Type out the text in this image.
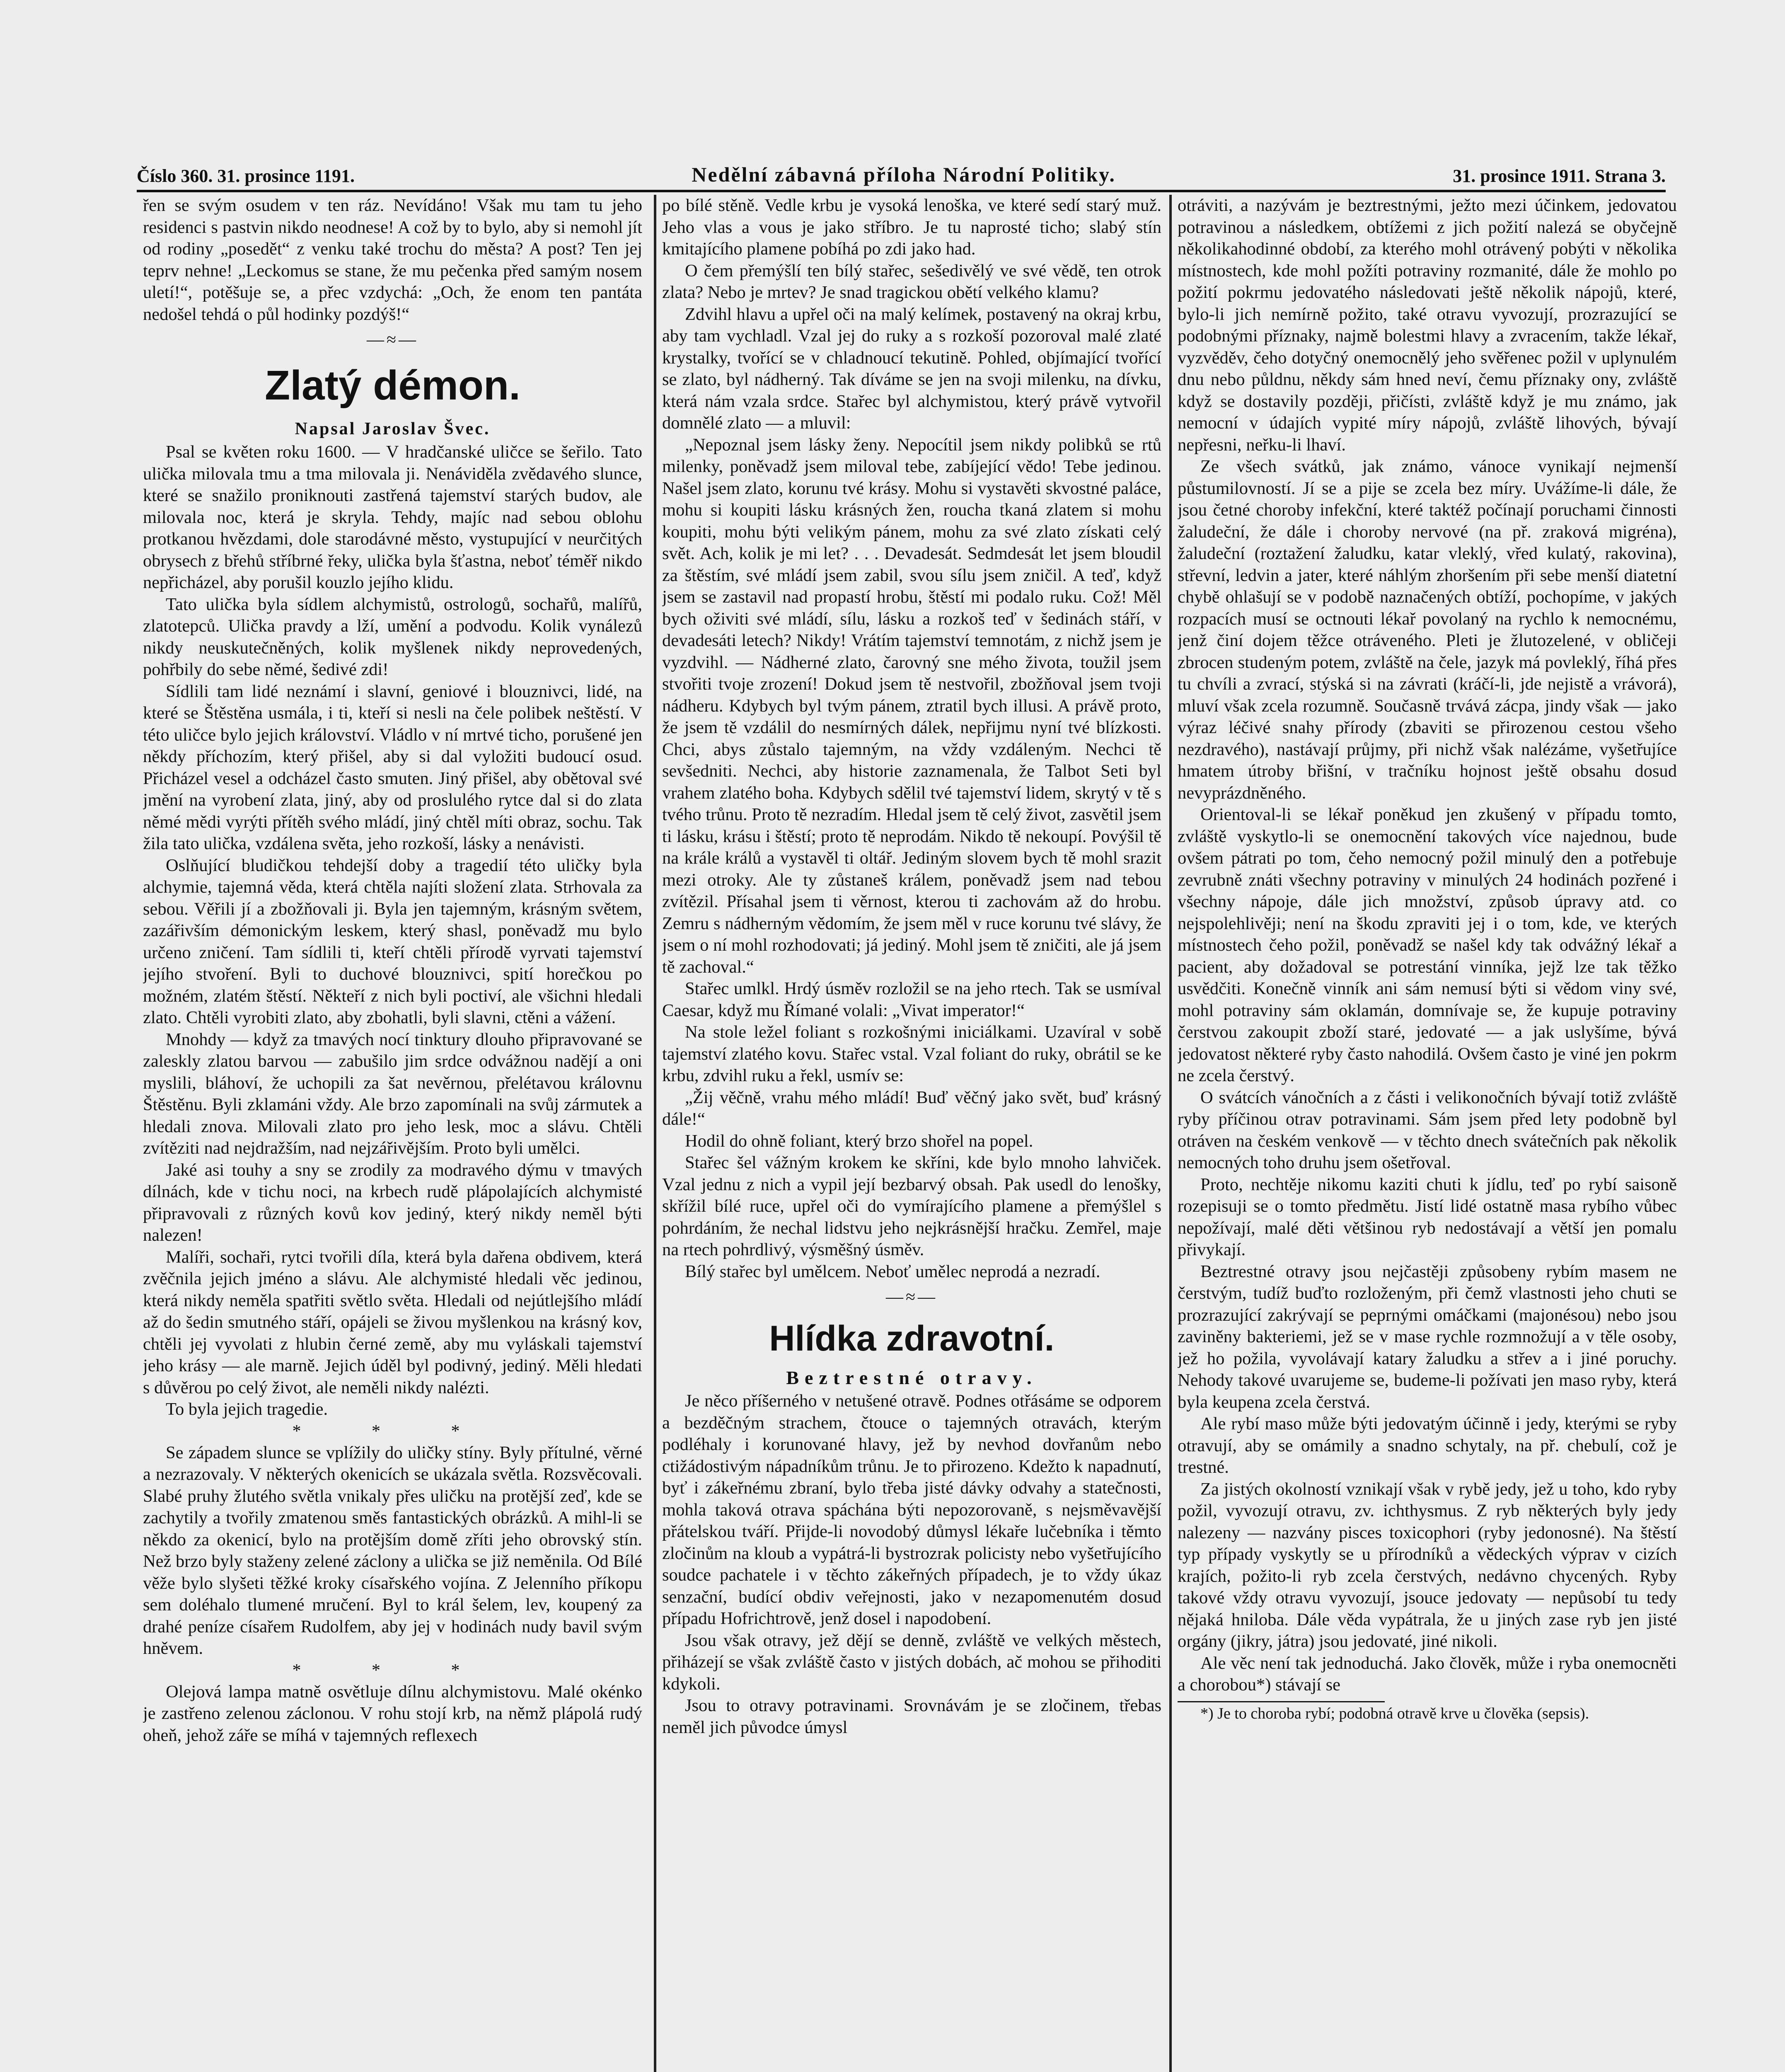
Číslo 360. 31. prosince 1191.	Nedělní zábavná příloha Národní Politiky.	31. prosince 1911. Strana 3.

řen se svým osudem v ten ráz. Nevídáno! Však mu tam tu jeho residenci s pastvin nikdo neodnese! A což by to bylo, aby si nemohl jít od rodiny „posedět“ z venku také trochu do města? A post? Ten jej teprv nehne! „Leckomus se stane, že mu pečenka před samým nosem uletí!“, potěšuje se, a přec vzdychá: „Och, že enom ten pantáta nedošel tehdá o půl hodinky pozdýš!“

—≈—
Zlatý démon.
Napsal Jaroslav Švec.

Psal se květen roku 1600. — V hradčanské uličce se šeřilo. Tato ulička milovala tmu a tma milovala ji. Nenáviděla zvědavého slunce, které se snažilo proniknouti zastřená tajemství starých budov, ale milovala noc, která je skryla. Tehdy, majíc nad sebou oblohu protkanou hvězdami, dole starodávné město, vystupující v neurčitých obrysech z břehů stříbrné řeky, ulička byla šťastna, neboť téměř nikdo nepřicházel, aby porušil kouzlo jejího klidu.

Tato ulička byla sídlem alchymistů, ostrologů, sochařů, malířů, zlatotepců. Ulička pravdy a lží, umění a podvodu. Kolik vynálezů nikdy neuskutečněných, kolik myšlenek nikdy neprovedených, pohřbily do sebe němé, šedivé zdi!

Sídlili tam lidé neznámí i slavní, geniové i blouznivci, lidé, na které se Štěstěna usmála, i ti, kteří si nesli na čele polibek neštěstí. V této uličce bylo jejich království. Vládlo v ní mrtvé ticho, porušené jen někdy příchozím, který přišel, aby si dal vyložiti budoucí osud. Přicházel vesel a odcházel často smuten. Jiný přišel, aby obětoval své jmění na vyrobení zlata, jiný, aby od proslulého rytce dal si do zlata němé mědi vyrýti přítěh svého mládí, jiný chtěl míti obraz, sochu. Tak žila tato ulička, vzdálena světa, jeho rozkoší, lásky a nenávisti.

Oslňující bludičkou tehdejší doby a tragedií této uličky byla alchymie, tajemná věda, která chtěla najíti složení zlata. Strhovala za sebou. Věřili jí a zbožňovali ji. Byla jen tajemným, krásným světem, zazářivším démonickým leskem, který shasl, poněvadž mu bylo určeno zničení. Tam sídlili ti, kteří chtěli přírodě vyrvati tajemství jejího stvoření. Byli to duchové blouznivci, spití horečkou po možném, zlatém štěstí. Někteří z nich byli poctiví, ale všichni hledali zlato. Chtěli vyrobiti zlato, aby zbohatli, byli slavni, ctěni a vážení.

Mnohdy — když za tmavých nocí tinktury dlouho připravované se zaleskly zlatou barvou — zabušilo jim srdce odvážnou nadějí a oni myslili, bláhoví, že uchopili za šat nevěrnou, přelétavou královnu Štěstěnu. Byli zklamáni vždy. Ale brzo zapomínali na svůj zármutek a hledali znova. Milovali zlato pro jeho lesk, moc a slávu. Chtěli zvítěziti nad nejdražším, nad nejzářivějším. Proto byli umělci.

Jaké asi touhy a sny se zrodily za modravého dýmu v tmavých dílnách, kde v tichu noci, na krbech rudě plápolajících alchymisté připravovali z různých kovů kov jediný, který nikdy neměl býti nalezen!

Malíři, sochaři, rytci tvořili díla, která byla dařena obdivem, která zvěčnila jejich jméno a slávu. Ale alchymisté hledali věc jedinou, která nikdy neměla spatřiti světlo světa. Hledali od nejútlejšího mládí až do šedin smutného stáří, opájeli se živou myšlenkou na krásný kov, chtěli jej vyvolati z hlubin černé země, aby mu vyláskali tajemství jeho krásy — ale marně. Jejich úděl byl podivný, jediný. Měli hledati s důvěrou po celý život, ale neměli nikdy nalézti.

To byla jejich tragedie.

* * *

Se západem slunce se vplížily do uličky stíny. Byly přítulné, věrné a nezrazovaly. V některých okenicích se ukázala světla. Rozsvěcovali. Slabé pruhy žlutého světla vnikaly přes uličku na protější zeď, kde se zachytily a tvořily zmatenou směs fantastických obrázků. A mihl-li se někdo za okenicí, bylo na protějším domě zříti jeho obrovský stín. Než brzo byly staženy zelené záclony a ulička se již neměnila. Od Bílé věže bylo slyšeti těžké kroky císařského vojína. Z Jelenního příkopu sem doléhalo tlumené mručení. Byl to král šelem, lev, koupený za drahé peníze císařem Rudolfem, aby jej v hodinách nudy bavil svým hněvem.

* * *

Olejová lampa matně osvětluje dílnu alchymistovu. Malé okénko je zastřeno zelenou záclonou. V rohu stojí krb, na němž plápolá rudý oheň, jehož záře se míhá v tajemných reflexech

po bílé stěně. Vedle krbu je vysoká lenoška, ve které sedí starý muž. Jeho vlas a vous je jako stříbro. Je tu naprosté ticho; slabý stín kmitajícího plamene pobíhá po zdi jako had.

O čem přemýšlí ten bílý stařec, sešedivělý ve své vědě, ten otrok zlata? Nebo je mrtev? Je snad tragickou obětí velkého klamu?

Zdvihl hlavu a upřel oči na malý kelímek, postavený na okraj krbu, aby tam vychladl. Vzal jej do ruky a s rozkoší pozoroval malé zlaté krystalky, tvořící se v chladnoucí tekutině. Pohled, objímající tvořící se zlato, byl nádherný. Tak díváme se jen na svoji milenku, na dívku, která nám vzala srdce. Stařec byl alchymistou, který právě vytvořil domnělé zlato — a mluvil:

„Nepoznal jsem lásky ženy. Nepocítil jsem nikdy polibků se rtů milenky, poněvadž jsem miloval tebe, zabíjející vědo! Tebe jedinou. Našel jsem zlato, korunu tvé krásy. Mohu si vystavěti skvostné paláce, mohu si koupiti lásku krásných žen, roucha tkaná zlatem si mohu koupiti, mohu býti velikým pánem, mohu za své zlato získati celý svět. Ach, kolik je mi let? . . . Devadesát. Sedmdesát let jsem bloudil za štěstím, své mládí jsem zabil, svou sílu jsem zničil. A teď, když jsem se zastavil nad propastí hrobu, štěstí mi podalo ruku. Což! Měl bych oživiti své mládí, sílu, lásku a rozkoš teď v šedinách stáří, v devadesáti letech? Nikdy! Vrátím tajemství temnotám, z nichž jsem je vyzdvihl. — Nádherné zlato, čarovný sne mého života, toužil jsem stvořiti tvoje zrození! Dokud jsem tě nestvořil, zbožňoval jsem tvoji nádheru. Kdybych byl tvým pánem, ztratil bych illusi. A právě proto, že jsem tě vzdálil do nesmírných dálek, nepřijmu nyní tvé blízkosti. Chci, abys zůstalo tajemným, na vždy vzdáleným. Nechci tě sevšedniti. Nechci, aby historie zaznamenala, že Talbot Seti byl vrahem zlatého boha. Kdybych sdělil tvé tajemství lidem, skrytý v tě s tvého trůnu. Proto tě nezradím. Hledal jsem tě celý život, zasvětil jsem ti lásku, krásu i štěstí; proto tě neprodám. Nikdo tě nekoupí. Povýšil tě na krále králů a vystavěl ti oltář. Jediným slovem bych tě mohl srazit mezi otroky. Ale ty zůstaneš králem, poněvadž jsem nad tebou zvítězil. Přísahal jsem ti věrnost, kterou ti zachovám až do hrobu. Zemru s nádherným vědomím, že jsem měl v ruce korunu tvé slávy, že jsem o ní mohl rozhodovati; já jediný. Mohl jsem tě zničiti, ale já jsem tě zachoval.“

Stařec umlkl. Hrdý úsměv rozložil se na jeho rtech. Tak se usmíval Caesar, když mu Římané volali: „Vivat imperator!“

Na stole ležel foliant s rozkošnými iniciálkami. Uzavíral v sobě tajemství zlatého kovu. Stařec vstal. Vzal foliant do ruky, obrátil se ke krbu, zdvihl ruku a řekl, usmív se:

„Žij věčně, vrahu mého mládí! Buď věčný jako svět, buď krásný dále!“

Hodil do ohně foliant, který brzo shořel na popel.

Stařec šel vážným krokem ke skříni, kde bylo mnoho lahviček. Vzal jednu z nich a vypil její bezbarvý obsah. Pak usedl do lenošky, skřížil bílé ruce, upřel oči do vymírajícího plamene a přemýšlel s pohrdáním, že nechal lidstvu jeho nejkrásnější hračku. Zemřel, maje na rtech pohrdlivý, výsměšný úsměv.

Bílý stařec byl umělcem. Neboť umělec neprodá a nezradí.

—≈—
Hlídka zdravotní.
Beztrestné otravy.

Je něco příšerného v netušené otravě. Podnes otřásáme se odporem a bezděčným strachem, čtouce o tajemných otravách, kterým podléhaly i korunované hlavy, jež by nevhod dovřanům nebo ctižádostivým nápadníkům trůnu. Je to přirozeno. Kdežto k napadnutí, byť i zákeřnému zbraní, bylo třeba jisté dávky odvahy a statečnosti, mohla taková otrava spáchána býti nepozorovaně, s nejsměvavější přátelskou tváří. Přijde-li novodobý důmysl lékaře lučebníka i těmto zločinům na kloub a vypátrá-li bystrozrak policisty nebo vyšetřujícího soudce pachatele i v těchto zákeřných případech, je to vždy úkaz senzační, budící obdiv veřejnosti, jako v nezapomenutém dosud případu Hofrichtrově, jenž dosel i napodobení.

Jsou však otravy, jež dějí se denně, zvláště ve velkých městech, přiházejí se však zvláště často v jistých dobách, ač mohou se přihoditi kdykoli.

Jsou to otravy potravinami. Srovnávám je se zločinem, třebas neměl jich původce úmysl

otráviti, a nazývám je beztrestnými, ježto mezi účinkem, jedovatou potravinou a následkem, obtížemi z jich požití nalezá se obyčejně několikahodinné období, za kterého mohl otrávený pobýti v několika místnostech, kde mohl požíti potraviny rozmanité, dále že mohlo po požití pokrmu jedovatého následovati ještě několik nápojů, které, bylo-li jich nemírně požito, také otravu vyvozují, prozrazující se podobnými příznaky, najmě bolestmi hlavy a zvracením, takže lékař, vyzvěděv, čeho dotyčný onemocnělý jeho svěřenec požil v uplynulém dnu nebo půldnu, někdy sám hned neví, čemu příznaky ony, zvláště když se dostavily později, přičísti, zvláště když je mu známo, jak nemocní v údajích vypité míry nápojů, zvláště lihových, bývají nepřesni, neřku-li lhaví.

Ze všech svátků, jak známo, vánoce vynikají nejmenší půstumilovností. Jí se a pije se zcela bez míry. Uvážíme-li dále, že jsou četné choroby infekční, které taktéž počínají poruchami činnosti žaludeční, že dále i choroby nervové (na př. zraková migréna), žaludeční (roztažení žaludku, katar vleklý, vřed kulatý, rakovina), střevní, ledvin a jater, které náhlým zhoršením při sebe menší diatetní chybě ohlašují se v podobě naznačených obtíží, pochopíme, v jakých rozpacích musí se octnouti lékař povolaný na rychlo k nemocnému, jenž činí dojem těžce otráveného. Pleti je žlutozelené, v obličeji zbrocen studeným potem, zvláště na čele, jazyk má povleklý, říhá přes tu chvíli a zvrací, stýská si na závrati (kráčí-li, jde nejistě a vrávorá), mluví však zcela rozumně. Současně trvává zácpa, jindy však — jako výraz léčivé snahy přírody (zbaviti se přirozenou cestou všeho nezdravého), nastávají průjmy, při nichž však nalézáme, vyšetřujíce hmatem útroby břišní, v tračníku hojnost ještě obsahu dosud nevyprázdněného.

Orientoval-li se lékař poněkud jen zkušený v případu tomto, zvláště vyskytlo-li se onemocnění takových více najednou, bude ovšem pátrati po tom, čeho nemocný požil minulý den a potřebuje zevrubně znáti všechny potraviny v minulých 24 hodinách pozřené i všechny nápoje, dále jich množství, způsob úpravy atd. co nejspolehlivěji; není na škodu zpraviti jej i o tom, kde, ve kterých místnostech čeho požil, poněvadž se našel kdy tak odvážný lékař a pacient, aby dožadoval se potrestání vinníka, jejž lze tak těžko usvědčiti. Konečně vinník ani sám nemusí býti si vědom viny své, mohl potraviny sám oklamán, domnívaje se, že kupuje potraviny čerstvou zakoupit zboží staré, jedovaté — a jak uslyšíme, bývá jedovatost některé ryby často nahodilá. Ovšem často je viné jen pokrm ne zcela čerstvý.

O svátcích vánočních a z části i velikonočních bývají totiž zvláště ryby příčinou otrav potravinami. Sám jsem před lety podobně byl otráven na českém venkově — v těchto dnech svátečních pak několik nemocných toho druhu jsem ošetřoval.

Proto, nechtěje nikomu kaziti chuti k jídlu, teď po rybí saisoně rozepisuji se o tomto předmětu. Jistí lidé ostatně masa rybího vůbec nepožívají, malé děti většinou ryb nedostávají a větší jen pomalu přivykají.

Beztrestné otravy jsou nejčastěji způsobeny rybím masem ne čerstvým, tudíž buďto rozloženým, při čemž vlastnosti jeho chuti se prozrazující zakrývají se peprnými omáčkami (majonésou) nebo jsou zaviněny bakteriemi, jež se v mase rychle rozmnožují a v těle osoby, jež ho požila, vyvolávají katary žaludku a střev a i jiné poruchy. Nehody takové uvarujeme se, budeme-li požívati jen maso ryby, která byla keupena zcela čerstvá.

Ale rybí maso může býti jedovatým účinně i jedy, kterými se ryby otravují, aby se omámily a snadno schytaly, na př. chebulí, což je trestné.

Za jistých okolností vznikají však v rybě jedy, jež u toho, kdo ryby požil, vyvozují otravu, zv. ichthysmus. Z ryb některých byly jedy nalezeny — nazvány pisces toxicophori (ryby jedonosné). Na štěstí typ případy vyskytly se u přírodníků a vědeckých výprav v cizích krajích, požito-li ryb zcela čerstvých, nedávno chycených. Ryby takové vždy otravu vyvozují, jsouce jedovaty — nepůsobí tu tedy nějaká hniloba. Dále věda vypátrala, že u jiných zase ryb jen jisté orgány (jikry, játra) jsou jedovaté, jiné nikoli.

Ale věc není tak jednoduchá. Jako člověk, může i ryba onemocněti a chorobou*) stávají se

*) Je to choroba rybí; podobná otravě krve u člověka (sepsis).
